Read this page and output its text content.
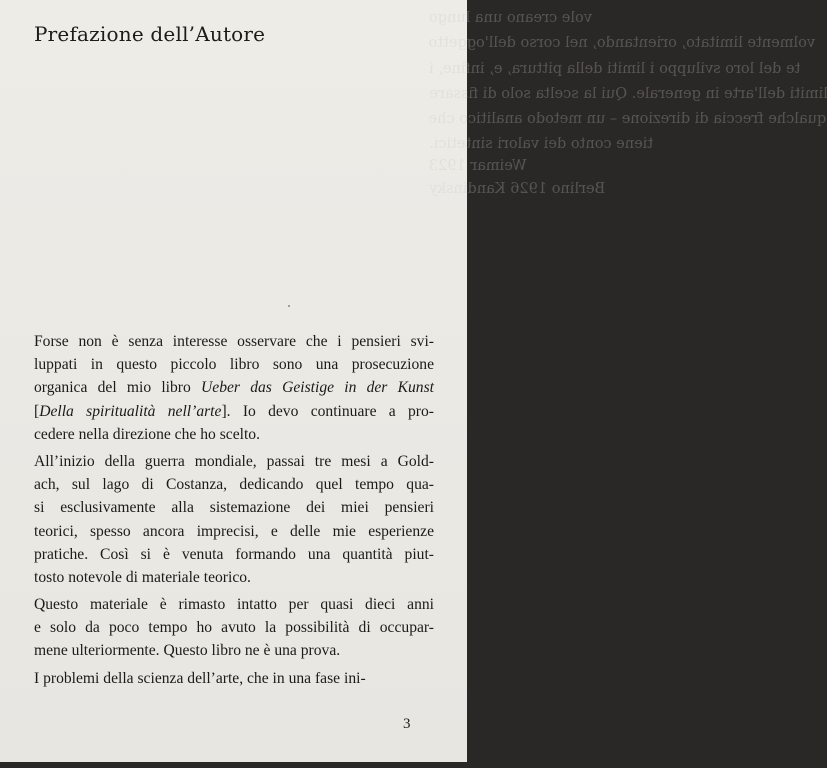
Prefazione dell’Autore
vole creano una lungo
volmente limitato, orientando, nel corso dell'oggetto
te del loro sviluppo i limiti della pittura, e, infine, i
limiti dell'arte in generale. Qui la scelta solo di fissare
qualche freccia di direzione – un metodo analitico che
tiene conto dei valori sintetici.
Weimar 1923
Berlino 1926 Kandinsky
Forse non è senza interesse osservare che i pensieri svi-
luppati in questo piccolo libro sono una prosecuzione
organica del mio libro Ueber das Geistige in der Kunst
[Della spiritualità nell’arte]. Io devo continuare a pro-
cedere nella direzione che ho scelto.
All’inizio della guerra mondiale, passai tre mesi a Gold-
ach, sul lago di Costanza, dedicando quel tempo qua-
si esclusivamente alla sistemazione dei miei pensieri
teorici, spesso ancora imprecisi, e delle mie esperienze
pratiche. Così si è venuta formando una quantità piut-
tosto notevole di materiale teorico.
Questo materiale è rimasto intatto per quasi dieci anni
e solo da poco tempo ho avuto la possibilità di occupar-
mene ulteriormente. Questo libro ne è una prova.
I problemi della scienza dell’arte, che in una fase ini-
3
